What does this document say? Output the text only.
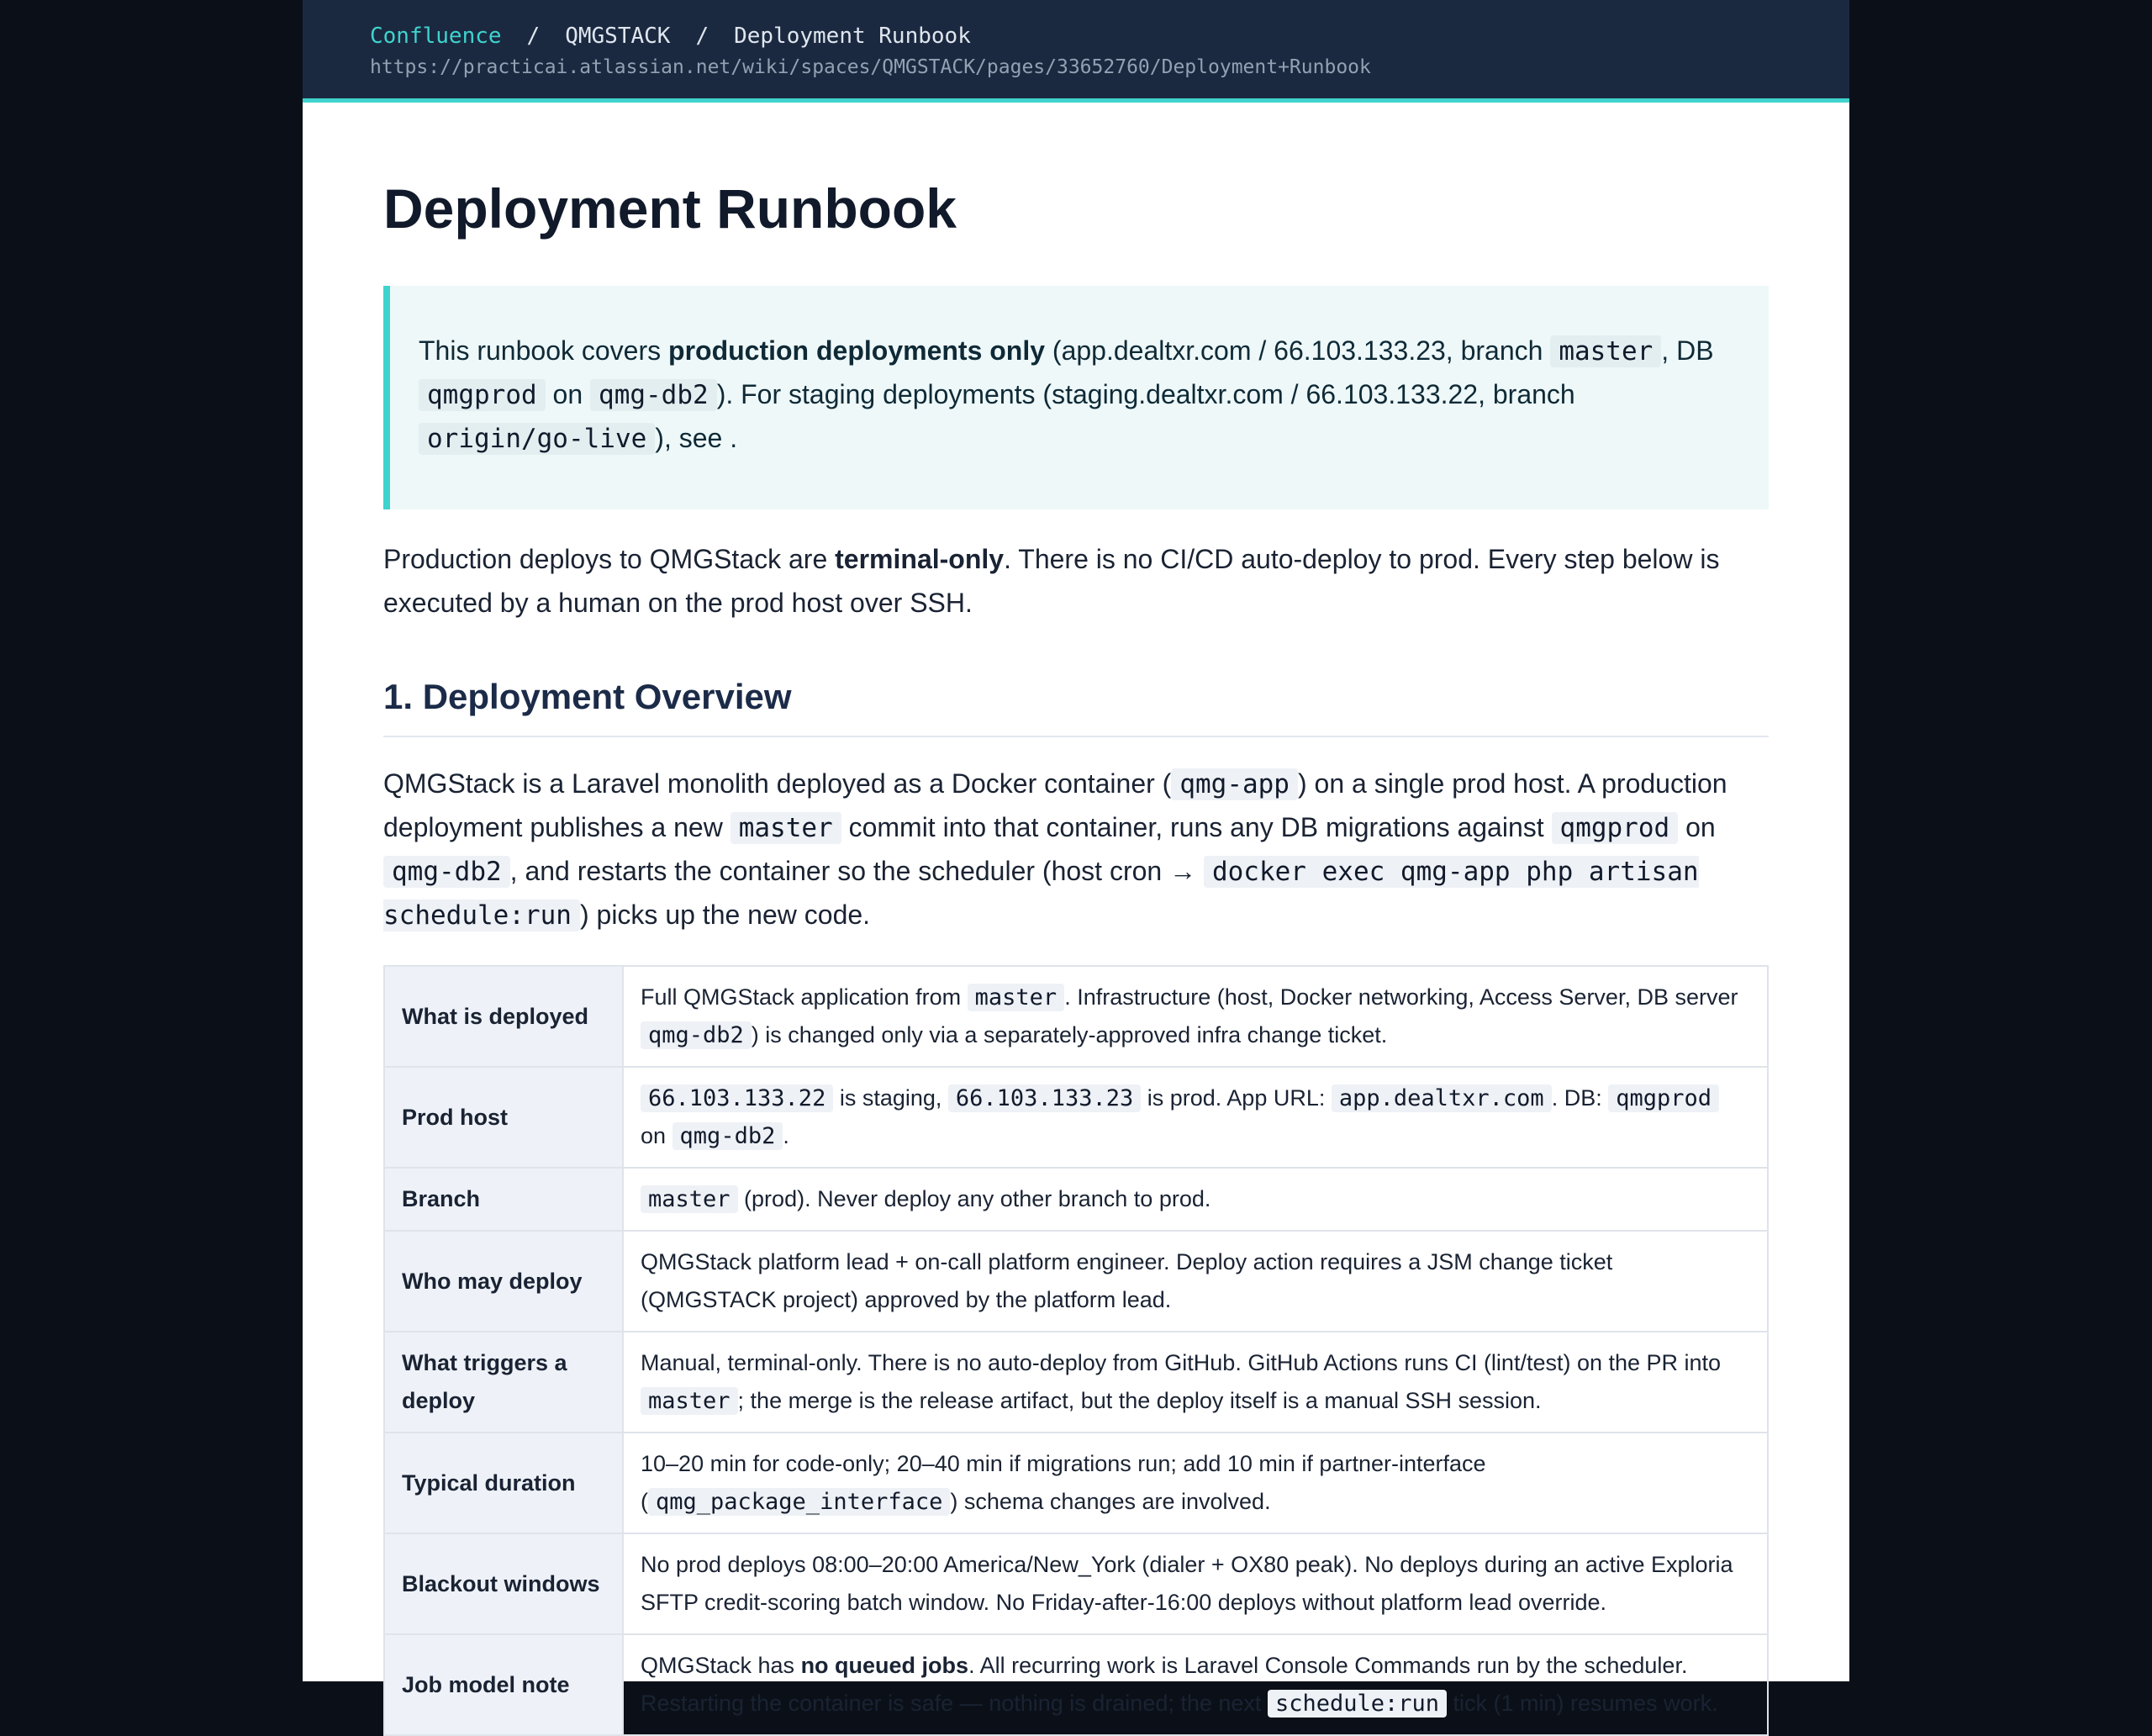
Confluence / QMGSTACK / Deployment Runbook
https://practicai.atlassian.net/wiki/spaces/QMGSTACK/pages/33652760/Deployment+Runbook
Deployment Runbook
This runbook covers production deployments only (app.dealtxr.com / 66.103.133.23, branch master , DB qmgprod on qmg-db2 ). For staging deployments (staging.dealtxr.com / 66.103.133.22, branch origin/go-live ), see .

Production deploys to QMGStack are terminal-only. There is no CI/CD auto-deploy to prod. Every step below is executed by a human on the prod host over SSH.

1. Deployment Overview

QMGStack is a Laravel monolith deployed as a Docker container ( qmg-app ) on a single prod host. A production deployment publishes a new master commit into that container, runs any DB migrations against qmgprod on qmg-db2 , and restarts the container so the scheduler (host cron → docker exec qmg-app php artisan schedule:run ) picks up the new code.

What is deployed	Full QMGStack application from master . Infrastructure (host, Docker networking, Access Server, DB server qmg-db2 ) is changed only via a separately-approved infra change ticket.
Prod host	66.103.133.22 is staging, 66.103.133.23 is prod. App URL: app.dealtxr.com . DB: qmgprod on qmg-db2 .
Branch	master (prod). Never deploy any other branch to prod.
Who may deploy	QMGStack platform lead + on-call platform engineer. Deploy action requires a JSM change ticket (QMGSTACK project) approved by the platform lead.
What triggers a deploy	Manual, terminal-only. There is no auto-deploy from GitHub. GitHub Actions runs CI (lint/test) on the PR into master ; the merge is the release artifact, but the deploy itself is a manual SSH session.
Typical duration	10–20 min for code-only; 20–40 min if migrations run; add 10 min if partner-interface ( qmg_package_interface ) schema changes are involved.
Blackout windows	No prod deploys 08:00–20:00 America/New_York (dialer + OX80 peak). No deploys during an active Exploria SFTP credit-scoring batch window. No Friday-after-16:00 deploys without platform lead override.
Job model note	QMGStack has no queued jobs. All recurring work is Laravel Console Commands run by the scheduler. Restarting the container is safe — nothing is drained; the next schedule:run tick (1 min) resumes work.
